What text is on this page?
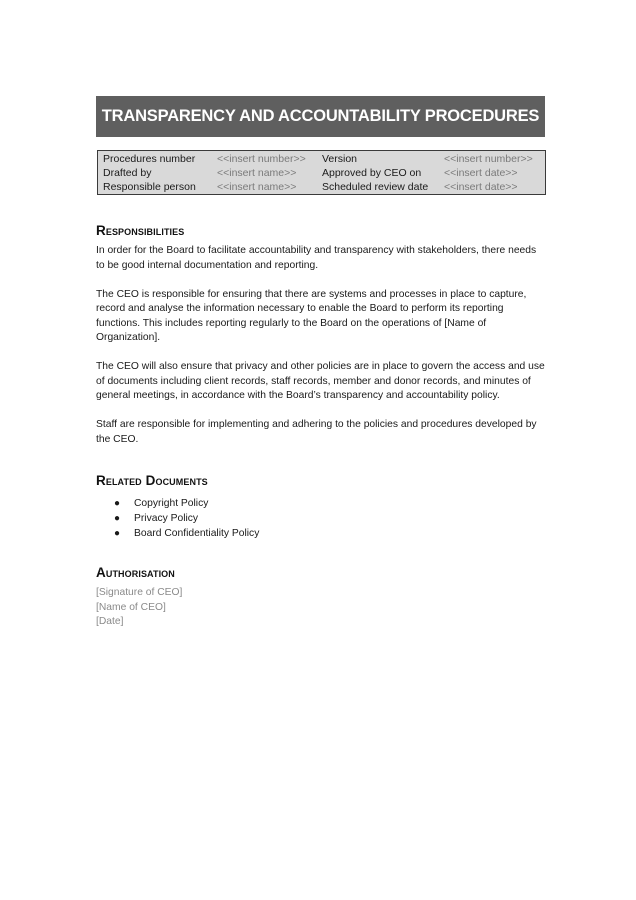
TRANSPARENCY AND ACCOUNTABILITY PROCEDURES
Procedures number	<<insert number>>	Version	<<insert number>>
Drafted by	<<insert name>>	Approved by CEO on	<<insert date>>
Responsible person	<<insert name>>	Scheduled review date	<<insert date>>
Responsibilities

In order for the Board to facilitate accountability and transparency with stakeholders, there needs to be good internal documentation and reporting.

The CEO is responsible for ensuring that there are systems and processes in place to capture, record and analyse the information necessary to enable the Board to perform its reporting functions. This includes reporting regularly to the Board on the operations of [Name of Organization].

The CEO will also ensure that privacy and other policies are in place to govern the access and use of documents including client records, staff records, member and donor records, and minutes of general meetings, in accordance with the Board’s transparency and accountability policy.

Staff are responsible for implementing and adhering to the policies and procedures developed by the CEO.

Related Documents
● Copyright Policy
● Privacy Policy
● Board Confidentiality Policy
Authorisation
[Signature of CEO]
[Name of CEO]
[Date]
